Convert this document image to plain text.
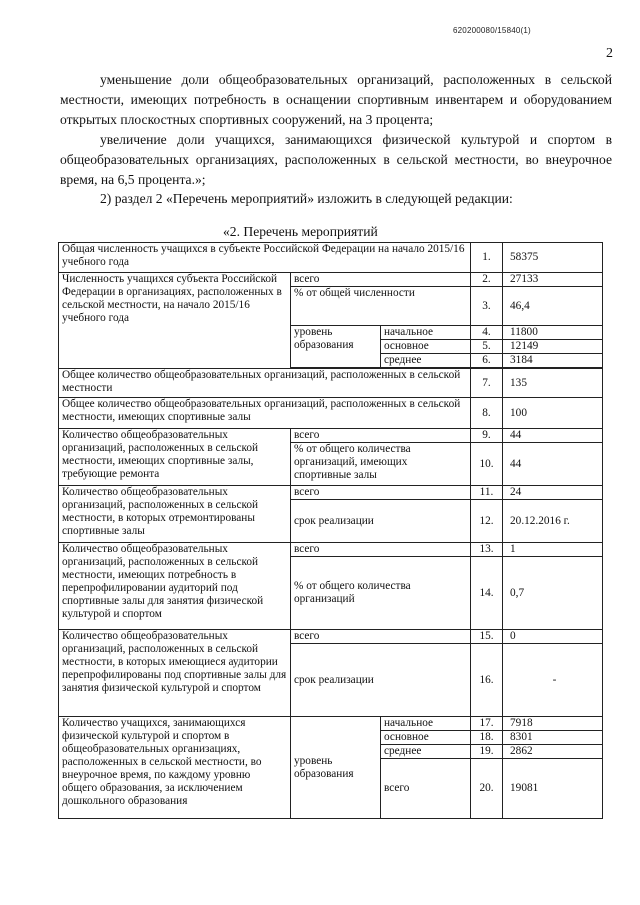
620200080/15840(1)
2

уменьшение доли общеобразовательных организаций, расположенных в сельской местности, имеющих потребность в оснащении спортивным инвентарем и оборудованием открытых плоскостных спортивных сооружений, на 3 процента;

увеличение доли учащихся, занимающихся физической культурой и спортом в общеобразовательных организациях, расположенных в сельской местности, во внеурочное время, на 6,5 процента.»;

2) раздел 2 «Перечень мероприятий» изложить в следующей редакции:

«2. Перечень мероприятий
Общая численность учащихся в субъекте Российской Федерации на начало 2015/16 учебного года			1.	58375
Численность учащихся субъекта Российской Федерации в организациях, расположенных в сельской местности, на начало 2015/16 учебного года	всего		2.	27133
	% от общей численности		3.	46,4
	уровень образования	начальное	4.	11800
		основное	5.	12149
		среднее	6.	3184

Общее количество общеобразовательных организаций, расположенных в сельской местности			7.	135
Общее количество общеобразовательных организаций, расположенных в сельской местности, имеющих спортивные залы			8.	100
Количество общеобразовательных организаций, расположенных в сельской местности, имеющих спортивные залы, требующие ремонта	всего		9.	44
	% от общего количества организаций, имеющих спортивные залы		10.	44
Количество общеобразовательных организаций, расположенных в сельской местности, в которых отремонтированы спортивные залы	всего		11.	24
	срок реализации		12.	20.12.2016 г.
Количество общеобразовательных организаций, расположенных в сельской местности, имеющих потребность в перепрофилировании аудиторий под спортивные залы для занятия физической культурой и спортом	всего		13.	1
	% от общего количества организаций		14.	0,7
Количество общеобразовательных организаций, расположенных в сельской местности, в которых имеющиеся аудитории перепрофилированы под спортивные залы для занятия физической культурой и спортом	всего		15.	0
	срок реализации		16.	-
Количество учащихся, занимающихся физической культурой и спортом в общеобразовательных организациях, расположенных в сельской местности, во внеурочное время, по каждому уровню общего образования, за исключением дошкольного образования	уровень образования	начальное	17.	7918
		основное	18.	8301
		среднее	19.	2862
		всего	20.	19081
